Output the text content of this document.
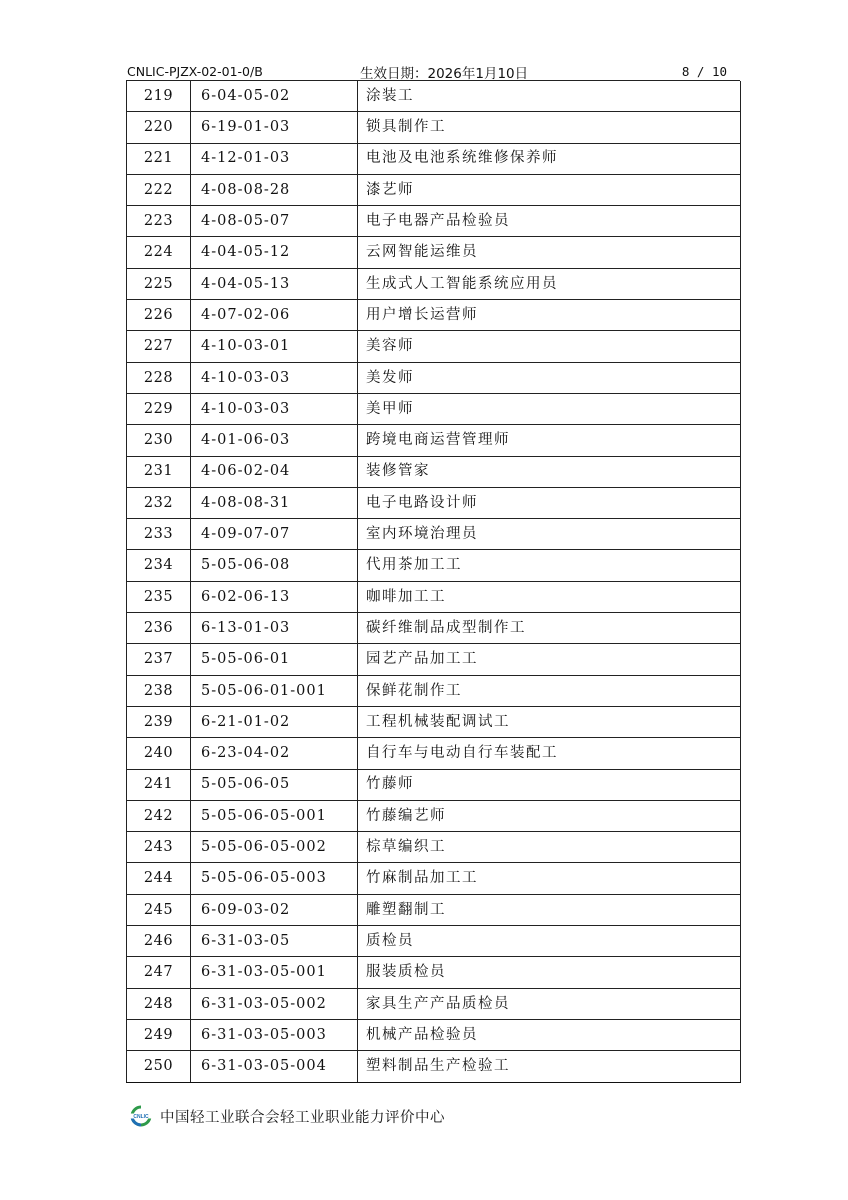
CNLIC-PJZX-02-01-0/B	生效日期：2026年1月10日	8 / 10
219	6-04-05-02	涂装工
220	6-19-01-03	锁具制作工
221	4-12-01-03	电池及电池系统维修保养师
222	4-08-08-28	漆艺师
223	4-08-05-07	电子电器产品检验员
224	4-04-05-12	云网智能运维员
225	4-04-05-13	生成式人工智能系统应用员
226	4-07-02-06	用户增长运营师
227	4-10-03-01	美容师
228	4-10-03-03	美发师
229	4-10-03-03	美甲师
230	4-01-06-03	跨境电商运营管理师
231	4-06-02-04	装修管家
232	4-08-08-31	电子电路设计师
233	4-09-07-07	室内环境治理员
234	5-05-06-08	代用茶加工工
235	6-02-06-13	咖啡加工工
236	6-13-01-03	碳纤维制品成型制作工
237	5-05-06-01	园艺产品加工工
238	5-05-06-01-001	保鲜花制作工
239	6-21-01-02	工程机械装配调试工
240	6-23-04-02	自行车与电动自行车装配工
241	5-05-06-05	竹藤师
242	5-05-06-05-001	竹藤编艺师
243	5-05-06-05-002	棕草编织工
244	5-05-06-05-003	竹麻制品加工工
245	6-09-03-02	雕塑翻制工
246	6-31-03-05	质检员
247	6-31-03-05-001	服装质检员
248	6-31-03-05-002	家具生产产品质检员
249	6-31-03-05-003	机械产品检验员
250	6-31-03-05-004	塑料制品生产检验工
CNLIC 中国轻工业联合会轻工业职业能力评价中心
